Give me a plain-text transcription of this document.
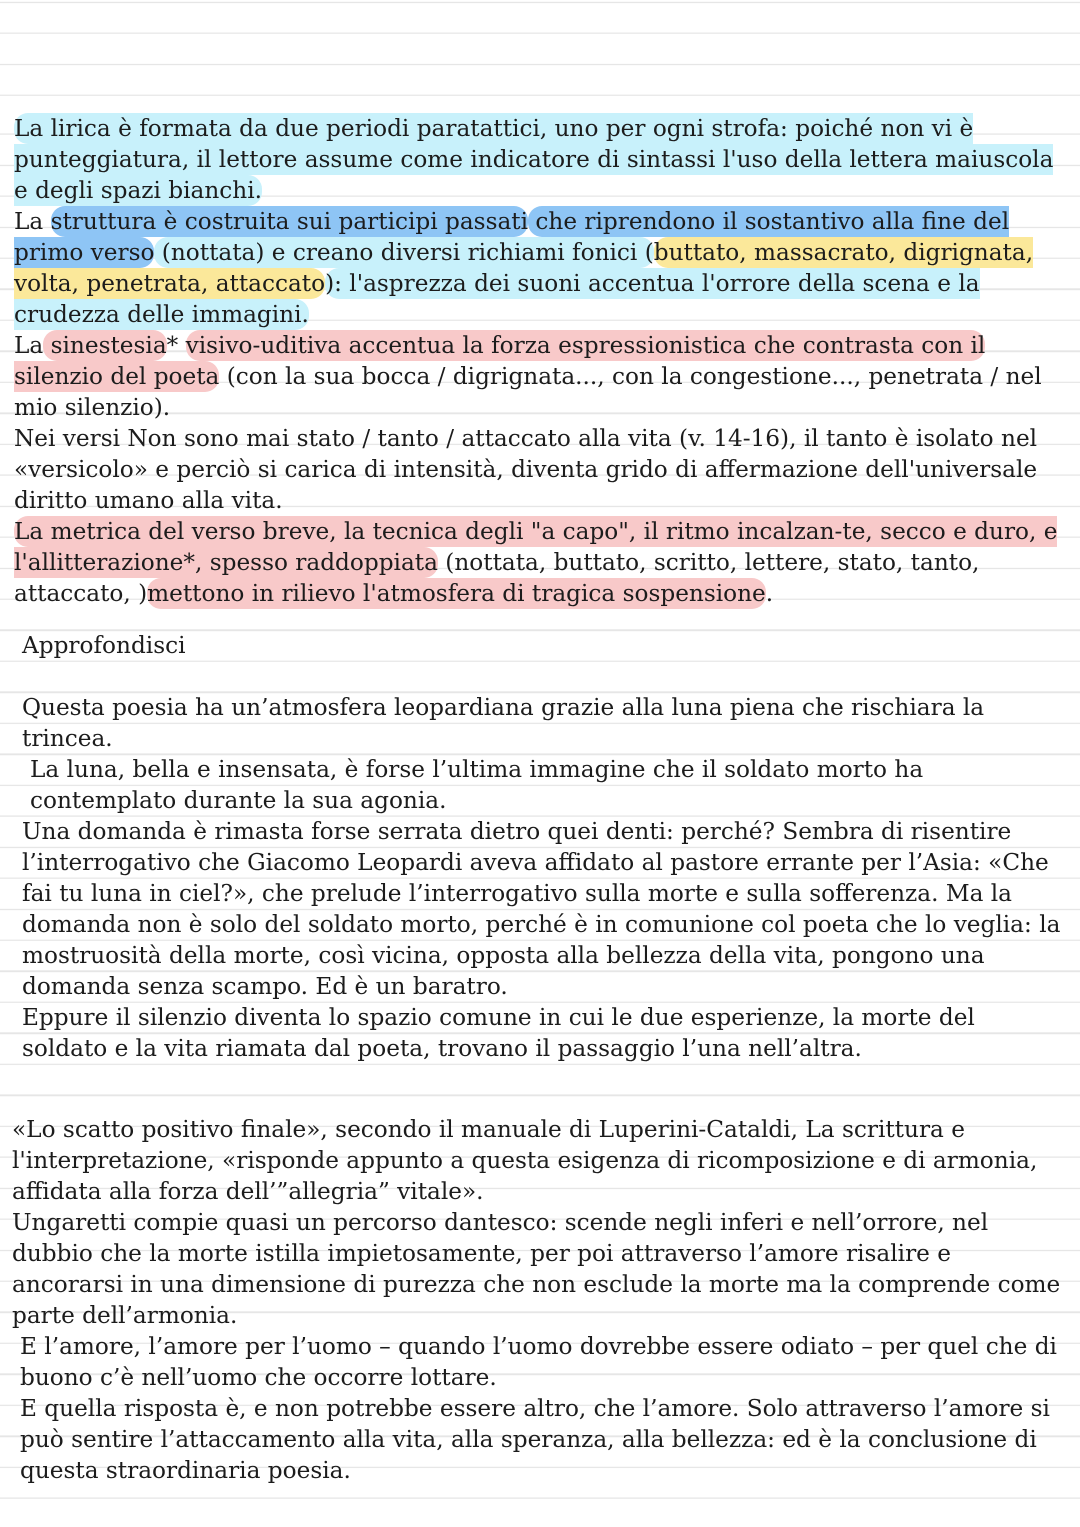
La lirica è formata da due periodi paratattici, uno per ogni strofa: poiché non vi è punteggiatura, il lettore assume come indicatore di sintassi l'uso della lettera maiuscola e degli spazi bianchi.

La struttura è costruita sui participi passati che riprendono il sostantivo alla fine del primo verso (nottata) e creano diversi richiami fonici (buttato, massacrato, digrignata, volta, penetrata, attaccato): l'asprezza dei suoni accentua l'orrore della scena e la crudezza delle immagini.

La sinestesia* visivo-uditiva accentua la forza espressionistica che contrasta con il silenzio del poeta (con la sua bocca / digrignata..., con la congestione..., penetrata / nel mio silenzio).

Nei versi Non sono mai stato / tanto / attaccato alla vita (v. 14-16), il tanto è isolato nel «versicolo» e perciò si carica di intensità, diventa grido di affermazione dell'universale diritto umano alla vita.

La metrica del verso breve, la tecnica degli "a capo", il ritmo incalzan-te, secco e duro, e l'allitterazione*, spesso raddoppiata (nottata, buttato, scritto, lettere, stato, tanto, attaccato, )mettono in rilievo l'atmosfera di tragica sospensione.

Approfondisci

Questa poesia ha un’atmosfera leopardiana grazie alla luna piena che rischiara la trincea.

La luna, bella e insensata, è forse l’ultima immagine che il soldato morto ha contemplato durante la sua agonia.

Una domanda è rimasta forse serrata dietro quei denti: perché? Sembra di risentire l’interrogativo che Giacomo Leopardi aveva affidato al pastore errante per l’Asia: «Che fai tu luna in ciel?», che prelude l’interrogativo sulla morte e sulla sofferenza. Ma la domanda non è solo del soldato morto, perché è in comunione col poeta che lo veglia: la mostruosità della morte, così vicina, opposta alla bellezza della vita, pongono una domanda senza scampo. Ed è un baratro.

Eppure il silenzio diventa lo spazio comune in cui le due esperienze, la morte del soldato e la vita riamata dal poeta, trovano il passaggio l’una nell’altra.

«Lo scatto positivo finale», secondo il manuale di Luperini-Cataldi, La scrittura e l'interpretazione, «risponde appunto a questa esigenza di ricomposizione e di armonia, affidata alla forza dell’”allegria” vitale».

Ungaretti compie quasi un percorso dantesco: scende negli inferi e nell’orrore, nel dubbio che la morte istilla impietosamente, per poi attraverso l’amore risalire e ancorarsi in una dimensione di purezza che non esclude la morte ma la comprende come parte dell’armonia.

E l’amore, l’amore per l’uomo – quando l’uomo dovrebbe essere odiato – per quel che di buono c’è nell’uomo che occorre lottare.

E quella risposta è, e non potrebbe essere altro, che l’amore. Solo attraverso l’amore si può sentire l’attaccamento alla vita, alla speranza, alla bellezza: ed è la conclusione di questa straordinaria poesia.
